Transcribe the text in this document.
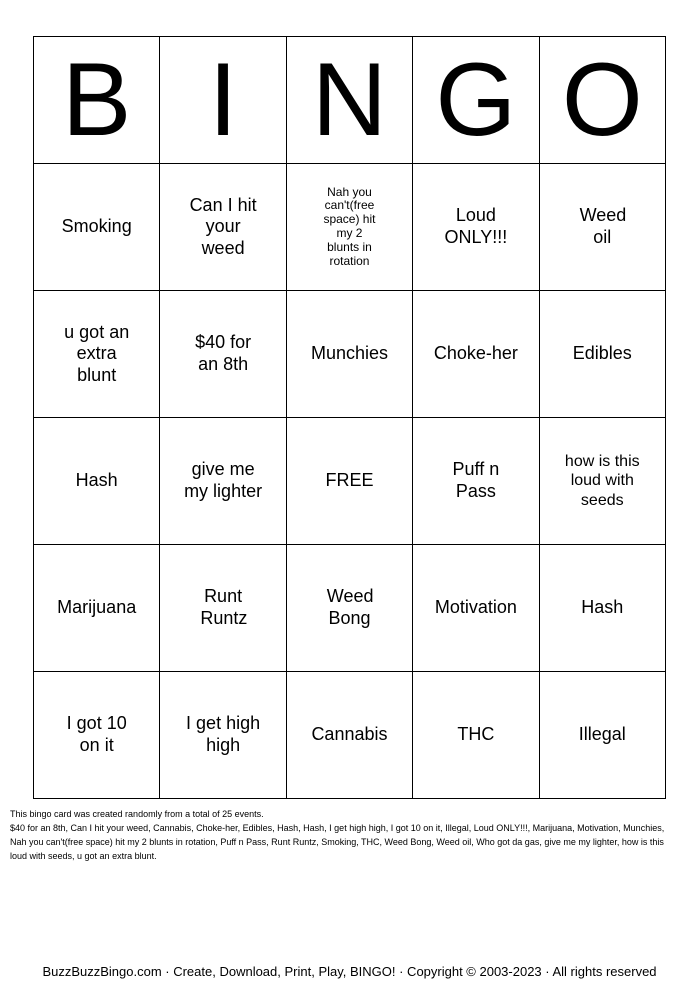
B	I	N	G	O
Smoking	Can I hit your weed	Nah you can't(free space) hit my 2 blunts in rotation	Loud ONLY!!!	Weed oil
u got an extra blunt	$40 for an 8th	Munchies	Choke-her	Edibles
Hash	give me my lighter	FREE	Puff n Pass	how is this loud with seeds
Marijuana	Runt Runtz	Weed Bong	Motivation	Hash
I got 10 on it	I get high high	Cannabis	THC	Illegal

This bingo card was created randomly from a total of 25 events.

$40 for an 8th, Can I hit your weed, Cannabis, Choke-her, Edibles, Hash, Hash, I get high high, I got 10 on it, Illegal, Loud ONLY!!!, Marijuana, Motivation, Munchies, Nah you can't(free space) hit my 2 blunts in rotation, Puff n Pass, Runt Runtz, Smoking, THC, Weed Bong, Weed oil, Who got da gas, give me my lighter, how is this loud with seeds, u got an extra blunt.

BuzzBuzzBingo.com · Create, Download, Print, Play, BINGO! · Copyright © 2003-2023 · All rights reserved
